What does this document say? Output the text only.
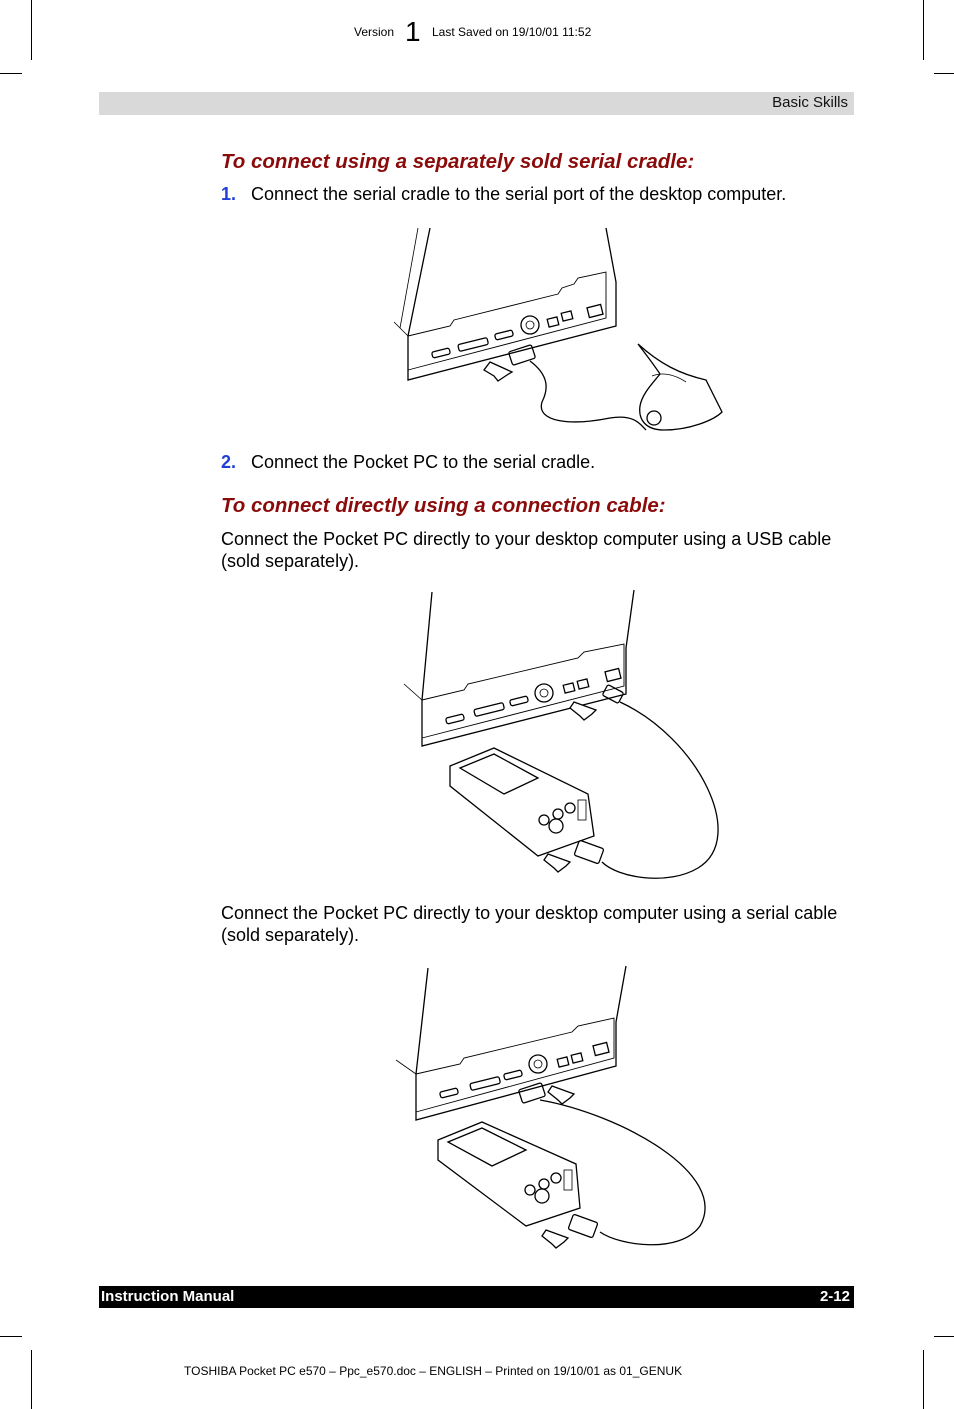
Version 1 Last Saved on 19/10/01 11:52
Basic Skills
To connect using a separately sold serial cradle:
1. Connect the serial cradle to the serial port of the desktop computer.
2. Connect the Pocket PC to the serial cradle.
To connect directly using a connection cable:
Connect the Pocket PC directly to your desktop computer using a USB cable (sold separately).
Connect the Pocket PC directly to your desktop computer using a serial cable (sold separately).
Instruction Manual	2-12
TOSHIBA Pocket PC e570 – Ppc_e570.doc – ENGLISH – Printed on 19/10/01 as 01_GENUK
